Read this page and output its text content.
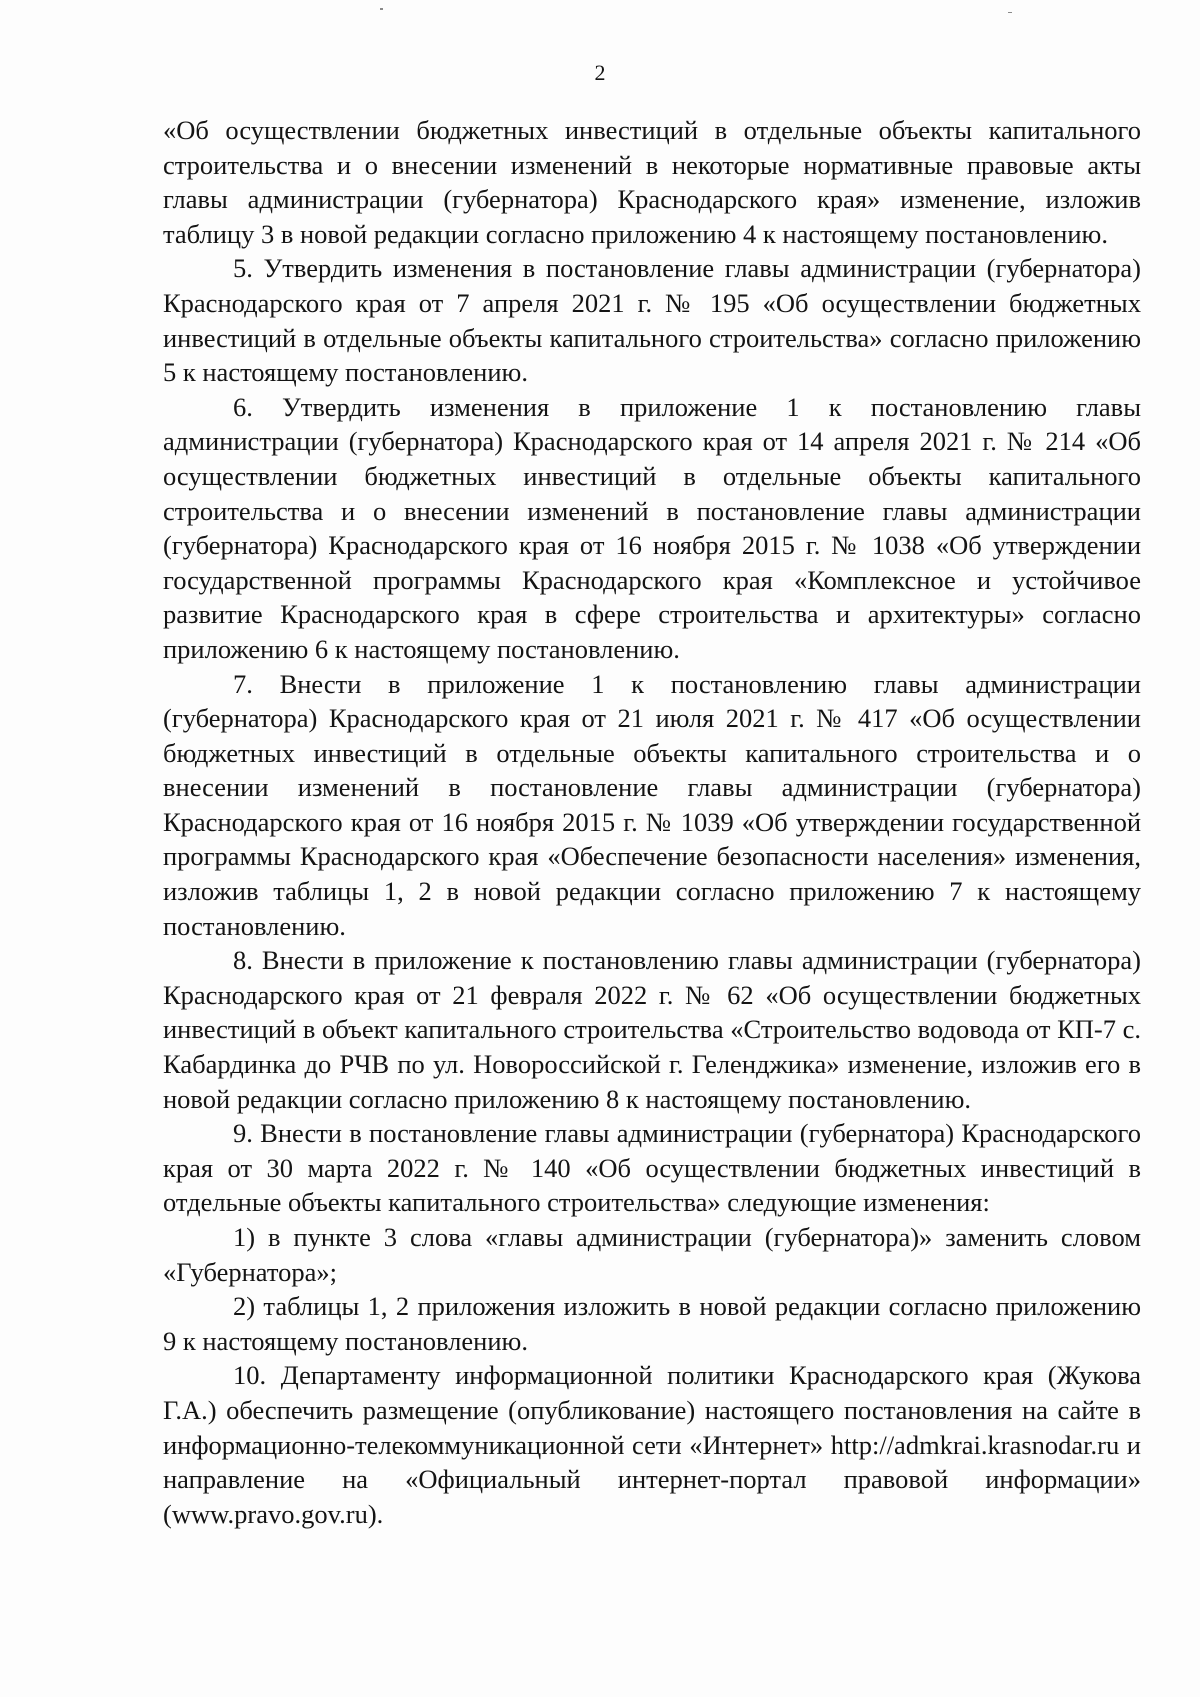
2

«Об осуществлении бюджетных инвестиций в отдельные объекты капитального строительства и о внесении изменений в некоторые нормативные правовые акты главы администрации (губернатора) Краснодарского края» изменение, изложив таблицу 3 в новой редакции согласно приложению 4 к настоящему постановлению.

5. Утвердить изменения в постановление главы администрации (губернатора) Краснодарского края от 7 апреля 2021 г. № 195 «Об осуществлении бюджетных инвестиций в отдельные объекты капитального строительства» согласно приложению 5 к настоящему постановлению.

6. Утвердить изменения в приложение 1 к постановлению главы администрации (губернатора) Краснодарского края от 14 апреля 2021 г. № 214 «Об осуществлении бюджетных инвестиций в отдельные объекты капитального строительства и о внесении изменений в постановление главы администрации (губернатора) Краснодарского края от 16 ноября 2015 г. № 1038 «Об утверждении государственной программы Краснодарского края «Комплексное и устойчивое развитие Краснодарского края в сфере строительства и архитектуры» согласно приложению 6 к настоящему постановлению.

7. Внести в приложение 1 к постановлению главы администрации (губернатора) Краснодарского края от 21 июля 2021 г. № 417 «Об осуществлении бюджетных инвестиций в отдельные объекты капитального строительства и о внесении изменений в постановление главы администрации (губернатора) Краснодарского края от 16 ноября 2015 г. № 1039 «Об утверждении государственной программы Краснодарского края «Обеспечение безопасности населения» изменения, изложив таблицы 1, 2 в новой редакции согласно приложению 7 к настоящему постановлению.

8. Внести в приложение к постановлению главы администрации (губернатора) Краснодарского края от 21 февраля 2022 г. № 62 «Об осуществлении бюджетных инвестиций в объект капитального строительства «Строительство водовода от КП-7 с. Кабардинка до РЧВ по ул. Новороссийской г. Геленджика» изменение, изложив его в новой редакции согласно приложению 8 к настоящему постановлению.

9. Внести в постановление главы администрации (губернатора) Краснодарского края от 30 марта 2022 г. № 140 «Об осуществлении бюджетных инвестиций в отдельные объекты капитального строительства» следующие изменения:

1) в пункте 3 слова «главы администрации (губернатора)» заменить словом «Губернатора»;

2) таблицы 1, 2 приложения изложить в новой редакции согласно приложению 9 к настоящему постановлению.

10. Департаменту информационной политики Краснодарского края (Жукова Г.А.) обеспечить размещение (опубликование) настоящего постановления на сайте в информационно-телекоммуникационной сети «Интернет» http://admkrai.krasnodar.ru и направление на «Официальный интернет-портал правовой информации» (www.pravo.gov.ru).
